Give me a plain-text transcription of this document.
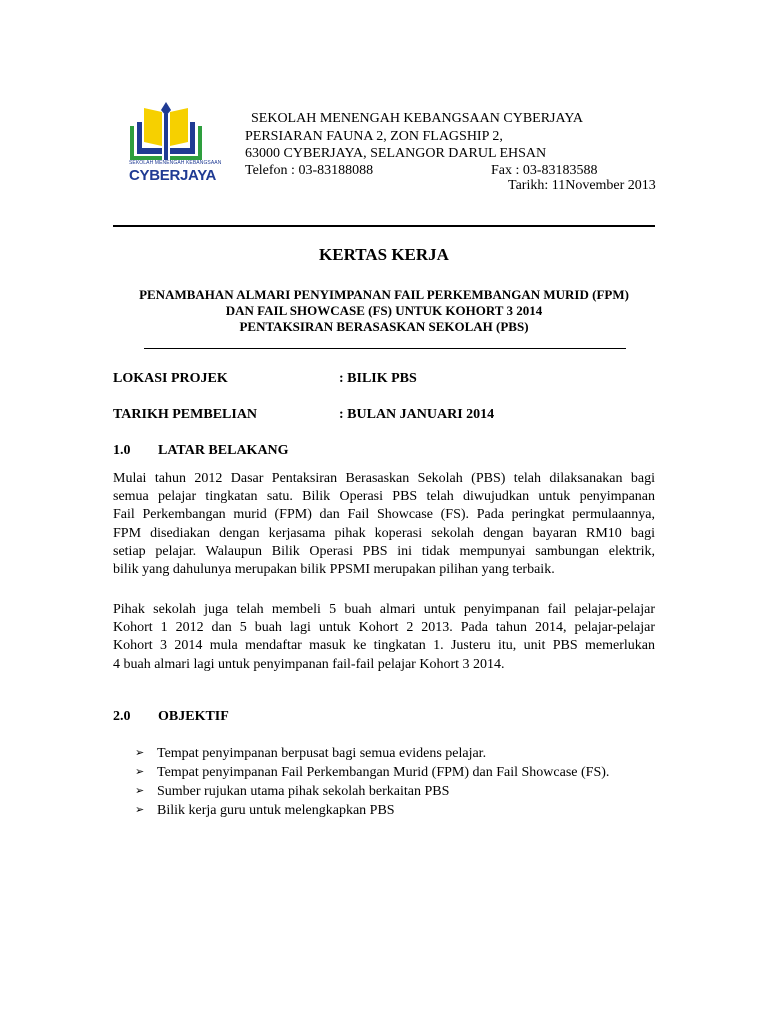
SEKOLAH MENENGAH KEBANGSAAN
CYBERJAYA
SEKOLAH MENENGAH KEBANGSAAN CYBERJAYA
PERSIARAN FAUNA 2, ZON FLAGSHIP 2,
63000 CYBERJAYA, SELANGOR DARUL EHSAN
Telefon : 03-83188088	Fax : 03-83183588
Tarikh: 11November 2013
KERTAS KERJA
PENAMBAHAN ALMARI PENYIMPANAN FAIL PERKEMBANGAN MURID (FPM)
DAN FAIL SHOWCASE (FS) UNTUK KOHORT 3 2014
PENTAKSIRAN BERASASKAN SEKOLAH (PBS)
LOKASI PROJEK	: BILIK PBS
TARIKH PEMBELIAN	: BULAN JANUARI 2014
1.0 LATAR BELAKANG
Mulai tahun 2012 Dasar Pentaksiran Berasaskan Sekolah (PBS) telah dilaksanakan bagi
semua pelajar tingkatan satu. Bilik Operasi PBS telah diwujudkan untuk penyimpanan
Fail Perkembangan murid (FPM) dan Fail Showcase (FS). Pada peringkat permulaannya,
FPM disediakan dengan kerjasama pihak koperasi sekolah dengan bayaran RM10 bagi
setiap pelajar. Walaupun Bilik Operasi PBS ini tidak mempunyai sambungan elektrik,
bilik yang dahulunya merupakan bilik PPSMI merupakan pilihan yang terbaik.
Pihak sekolah juga telah membeli 5 buah almari untuk penyimpanan fail pelajar-pelajar
Kohort 1 2012 dan 5 buah lagi untuk Kohort 2 2013. Pada tahun 2014, pelajar-pelajar
Kohort 3 2014 mula mendaftar masuk ke tingkatan 1. Justeru itu, unit PBS memerlukan
4 buah almari lagi untuk penyimpanan fail-fail pelajar Kohort 3 2014.
2.0 OBJEKTIF
➢ Tempat penyimpanan berpusat bagi semua evidens pelajar.
➢ Tempat penyimpanan Fail Perkembangan Murid (FPM) dan Fail Showcase (FS).
➢ Sumber rujukan utama pihak sekolah berkaitan PBS
➢ Bilik kerja guru untuk melengkapkan PBS
